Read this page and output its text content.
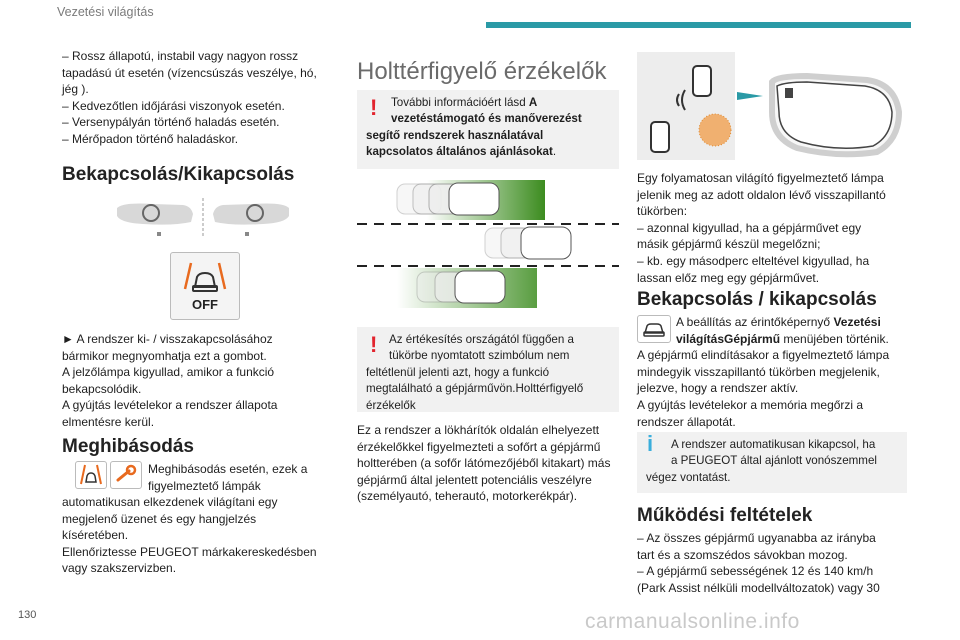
Vezetési világítás
– Rossz állapotú, instabil vagy nagyon rossz
tapadású út esetén (vízencsúszás veszélye, hó,
jég ).
– Kedvezőtlen időjárási viszonyok esetén.
– Versenypályán történő haladás esetén.
– Mérőpadon történő haladáskor.
Bekapcsolás/Kikapcsolás
OFF
► A rendszer ki- / visszakapcsolásához
bármikor megnyomhatja ezt a gombot.
A jelzőlámpa kigyullad, amikor a funkció
bekapcsolódik.
A gyújtás levételekor a rendszer állapota
elmentésre kerül.
Meghibásodás
Meghibásodás esetén, ezek a
figyelmeztető lámpák
automatikusan elkezdenek világítani egy
megjelenő üzenet és egy hangjelzés
kíséretében.
Ellenőriztesse PEUGEOT márkakereskedésben
vagy szakszervizben.
Holttérfigyelő érzékelők
!	További információért lásd A
vezetéstámogató és manőverezést
segítő rendszerek használatával
kapcsolatos általános ajánlásokat.
!	Az értékesítés országától függően a
tükörbe nyomtatott szimbólum nem
feltétlenül jelenti azt, hogy a funkció
megtalálható a gépjárművön.Holttérfigyelő
érzékelők
Ez a rendszer a lökhárítók oldalán elhelyezett
érzékelőkkel figyelmezteti a sofőrt a gépjármű
holtterében (a sofőr látómezőjéből kitakart) más
gépjármű által jelentett potenciális veszélyre
(személyautó, teherautó, motorkerékpár).
Egy folyamatosan világító figyelmeztető lámpa
jelenik meg az adott oldalon lévő visszapillantó
tükörben:
– azonnal kigyullad, ha a gépjárművet egy
másik gépjármű készül megelőzni;
– kb. egy másodperc elteltével kigyullad, ha
lassan előz meg egy gépjárművet.
Bekapcsolás / kikapcsolás
A beállítás az érintőképernyő Vezetési
világításGépjármű menüjében történik.
A gépjármű elindításakor a figyelmeztető lámpa
mindegyik visszapillantó tükörben megjelenik,
jelezve, hogy a rendszer aktív.
A gyújtás levételekor a memória megőrzi a
rendszer állapotát.
i	A rendszer automatikusan kikapcsol, ha
a PEUGEOT által ajánlott vonószemmel
végez vontatást.
Működési feltételek
– Az összes gépjármű ugyanabba az irányba
tart és a szomszédos sávokban mozog.
– A gépjármű sebességének 12 és 140 km/h
(Park Assist nélküli modellváltozatok) vagy 30
130	carmanualsonline.info
